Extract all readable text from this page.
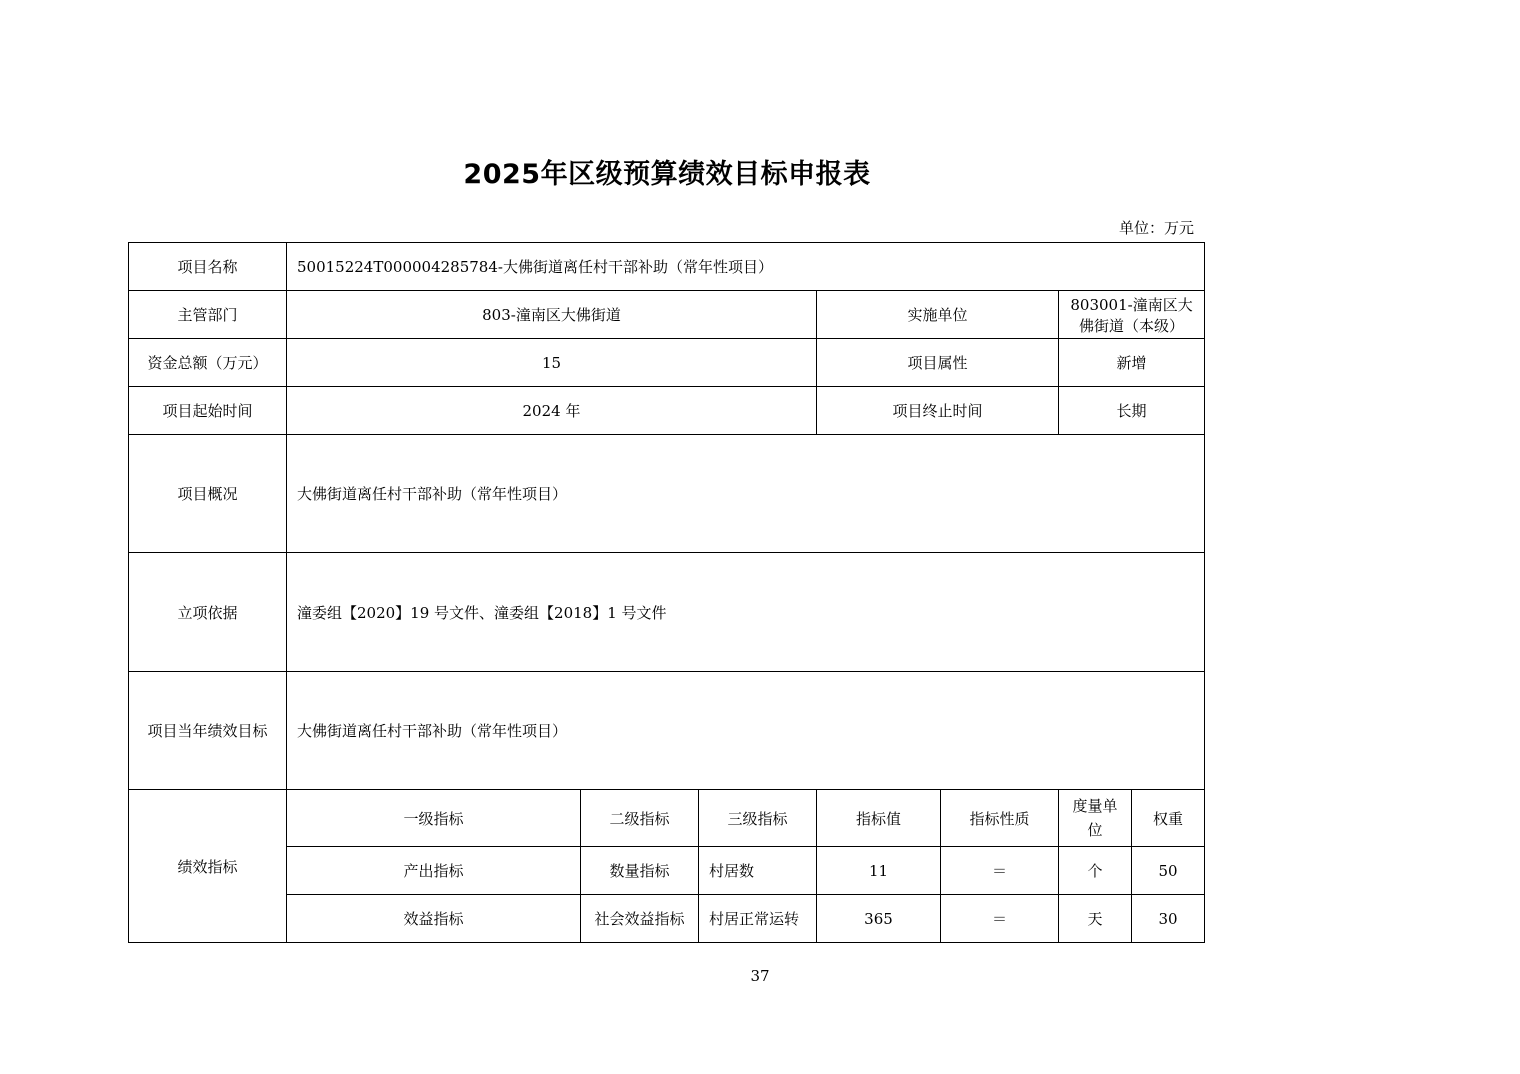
2025年区级预算绩效目标申报表
单位：万元
项目名称	50015224T000004285784-大佛街道离任村干部补助（常年性项目）						
主管部门	803-潼南区大佛街道			实施单位		803001-潼南区大佛街道（本级）	
资金总额（万元）	15			项目属性		新增	
项目起始时间	2024 年			项目终止时间		长期	
项目概况	大佛街道离任村干部补助（常年性项目）						
立项依据	潼委组【2020】19 号文件、潼委组【2018】1 号文件						
项目当年绩效目标	大佛街道离任村干部补助（常年性项目）						
绩效指标	一级指标	二级指标	三级指标	指标值	指标性质	度量单位	权重
	产出指标	数量指标	村居数	11	＝	个	50
	效益指标	社会效益指标	村居正常运转	365	＝	天	30
37
